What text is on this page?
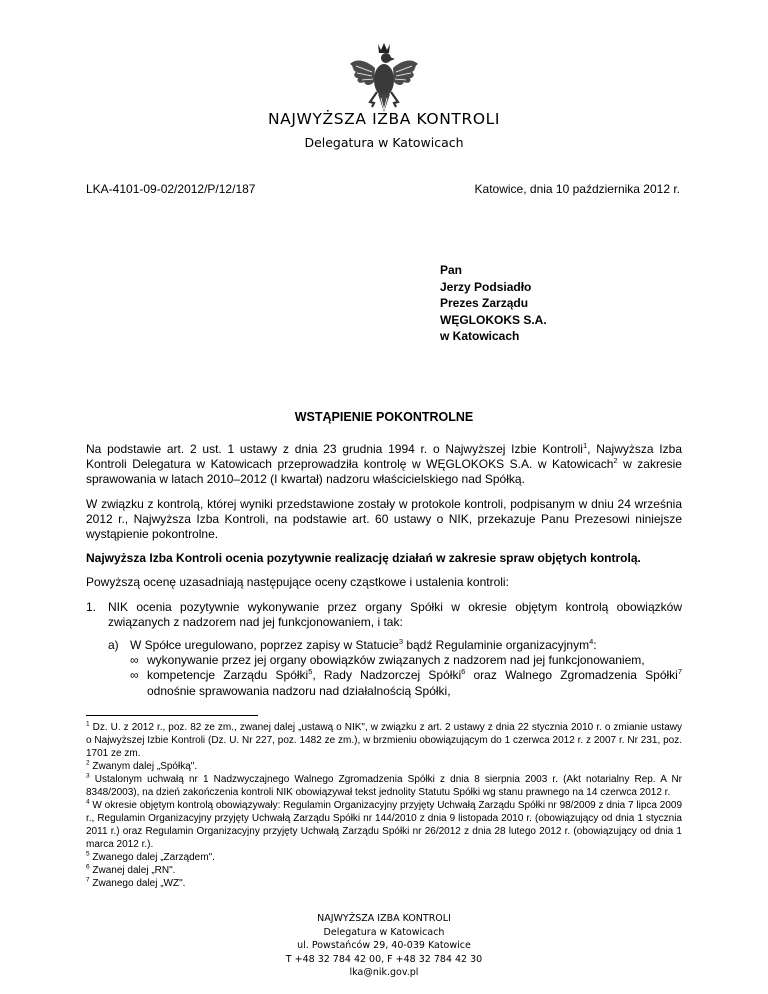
NAJWYŻSZA IZBA KONTROLI
Delegatura w Katowicach
LKA-4101-09-02/2012/P/12/187	Katowice, dnia 10 października 2012 r.
Pan
Jerzy Podsiadło
Prezes Zarządu
WĘGLOKOKS S.A.
w Katowicach
WSTĄPIENIE POKONTROLNE

Na podstawie art. 2 ust. 1 ustawy z dnia 23 grudnia 1994 r. o Najwyższej Izbie Kontroli$^1$, Najwyższa Izba Kontroli Delegatura w Katowicach przeprowadziła kontrolę w WĘGLOKOKS S.A. w Katowicach$^2$ w zakresie sprawowania w latach 2010–2012 (I kwartał) nadzoru właścicielskiego nad Spółką.

W związku z kontrolą, której wyniki przedstawione zostały w protokole kontroli, podpisanym w dniu 24 września 2012 r., Najwyższa Izba Kontroli, na podstawie art. 60 ustawy o NIK, przekazuje Panu Prezesowi niniejsze wystąpienie pokontrolne.

Najwyższa Izba Kontroli ocenia pozytywnie realizację działań w zakresie spraw objętych kontrolą.

Powyższą ocenę uzasadniają następujące oceny cząstkowe i ustalenia kontroli:

1. NIK ocenia pozytywnie wykonywanie przez organy Spółki w okresie objętym kontrolą obowiązków związanych z nadzorem nad jej funkcjonowaniem, i tak:
a) W Spółce uregulowano, poprzez zapisy w Statucie$^3$ bądź Regulaminie organizacyjnym$^4$:
∞ wykonywanie przez jej organy obowiązków związanych z nadzorem nad jej funkcjonowaniem,
∞ kompetencje Zarządu Spółki$^5$, Rady Nadzorczej Spółki$^6$ oraz Walnego Zgromadzenia Spółki$^7$ odnośnie sprawowania nadzoru nad działalnością Spółki,

$^1$ Dz. U. z 2012 r., poz. 82 ze zm., zwanej dalej „ustawą o NIK", w związku z art. 2 ustawy z dnia 22 stycznia 2010 r. o zmianie ustawy o Najwyższej Izbie Kontroli (Dz. U. Nr 227, poz. 1482 ze zm.), w brzmieniu obowiązującym do 1 czerwca 2012 r. z 2007 r. Nr 231, poz. 1701 ze zm.

$^2$ Zwanym dalej „Spółką".

$^3$ Ustalonym uchwałą nr 1 Nadzwyczajnego Walnego Zgromadzenia Spółki z dnia 8 sierpnia 2003 r. (Akt notarialny Rep. A Nr 8348/2003), na dzień zakończenia kontroli NIK obowiązywał tekst jednolity Statutu Spółki wg stanu prawnego na 14 czerwca 2012 r.

$^4$ W okresie objętym kontrolą obowiązywały: Regulamin Organizacyjny przyjęty Uchwałą Zarządu Spółki nr 98/2009 z dnia 7 lipca 2009 r., Regulamin Organizacyjny przyjęty Uchwałą Zarządu Spółki nr 144/2010 z dnia 9 listopada 2010 r. (obowiązujący od dnia 1 stycznia 2011 r.) oraz Regulamin Organizacyjny przyjęty Uchwałą Zarządu Spółki nr 26/2012 z dnia 28 lutego 2012 r. (obowiązujący od dnia 1 marca 2012 r.).

$^5$ Zwanego dalej „Zarządem".

$^6$ Zwanej dalej „RN".

$^7$ Zwanego dalej „WZ".

NAJWYŻSZA IZBA KONTROLI
Delegatura w Katowicach
ul. Powstańców 29, 40-039 Katowice
T +48 32 784 42 00, F +48 32 784 42 30
lka@nik.gov.pl
